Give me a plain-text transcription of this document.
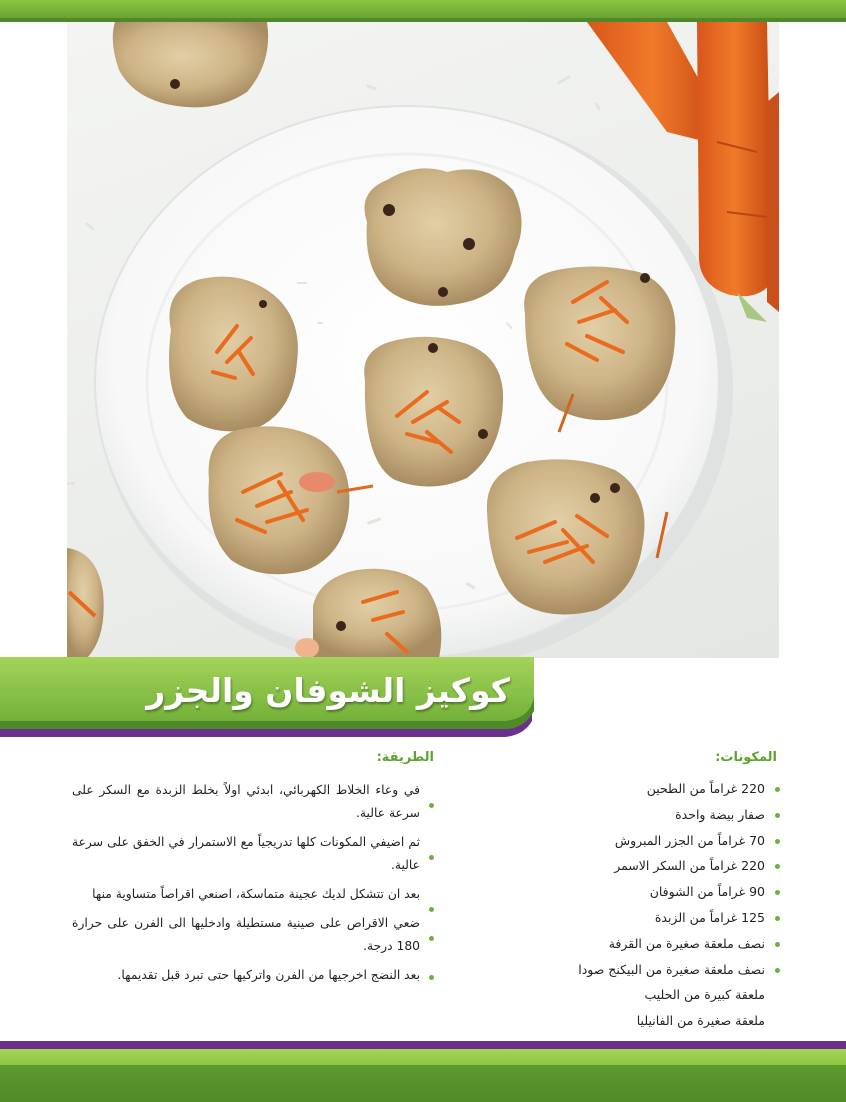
كوكيز الشوفان والجزر
المكونات:
220 غراماً من الطحين
صفار بيضة واحدة
70 غراماً من الجزر المبروش
220 غراماً من السكر الاسمر
90 غراماً من الشوفان
125 غراماً من الزبدة
نصف ملعقة صغيرة من القرفة
نصف ملعقة صغيرة من البيكنج صودا
ملعقة كبيرة من الحليب
ملعقة صغيرة من الفانيليا
الطريقة:
في وعاء الخلاط الكهربائي، ابدئي اولاً بخلط الزبدة مع السكر على سرعة عالية.
ثم اضيفي المكونات كلها تدريجياً مع الاستمرار في الخفق على سرعة عالية.
بعد ان تتشكل لديك عجينة متماسكة، اصنعي اقراصاً متساوية منها
ضعي الاقراص على صينية مستطيلة وادخليها الى الفرن على حرارة 180 درجة.
بعد النضج اخرجيها من الفرن واتركيها حتى تبرد قبل تقديمها.
